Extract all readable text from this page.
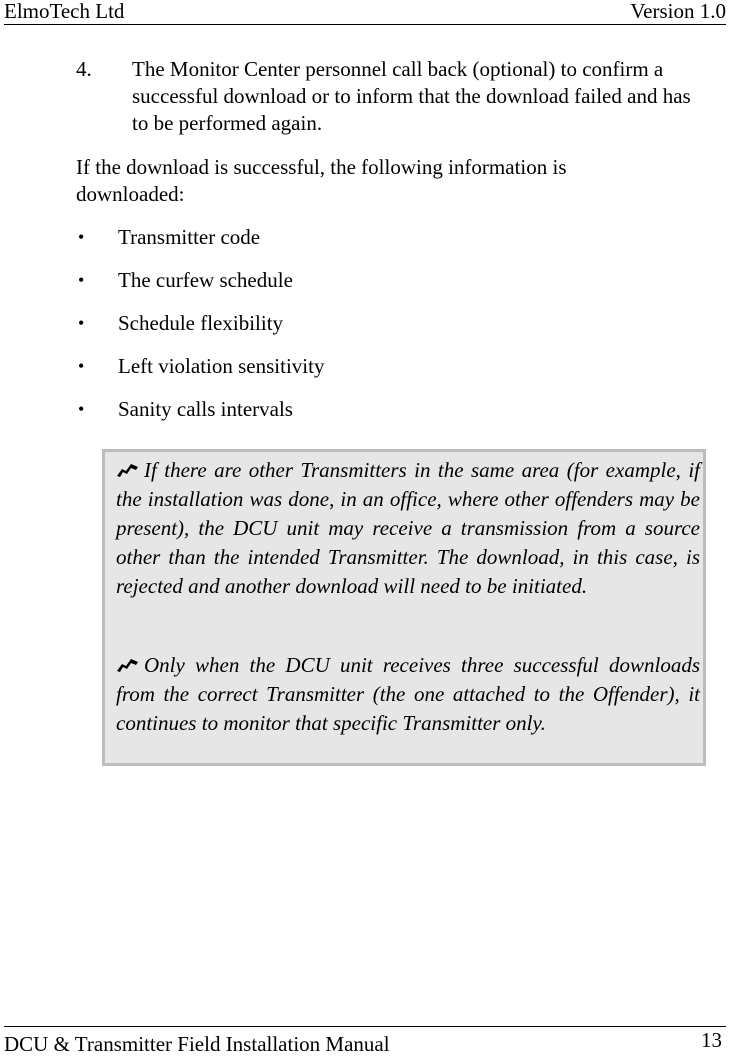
ElmoTech Ltd	Version 1.0
4. The Monitor Center personnel call back (optional) to confirm a successful download or to inform that the download failed and has to be performed again.
If the download is successful, the following information is downloaded:
• Transmitter code
• The curfew schedule
• Schedule flexibility
• Left violation sensitivity
• Sanity calls intervals
If there are other Transmitters in the same area (for example, if the installation was done, in an office, where other offenders may be present), the DCU unit may receive a transmission from a source other than the intended Transmitter. The download, in this case, is rejected and another download will need to be initiated.
Only when the DCU unit receives three successful downloads from the correct Transmitter (the one attached to the Offender), it continues to monitor that specific Transmitter only.
DCU & Transmitter Field Installation Manual	13
